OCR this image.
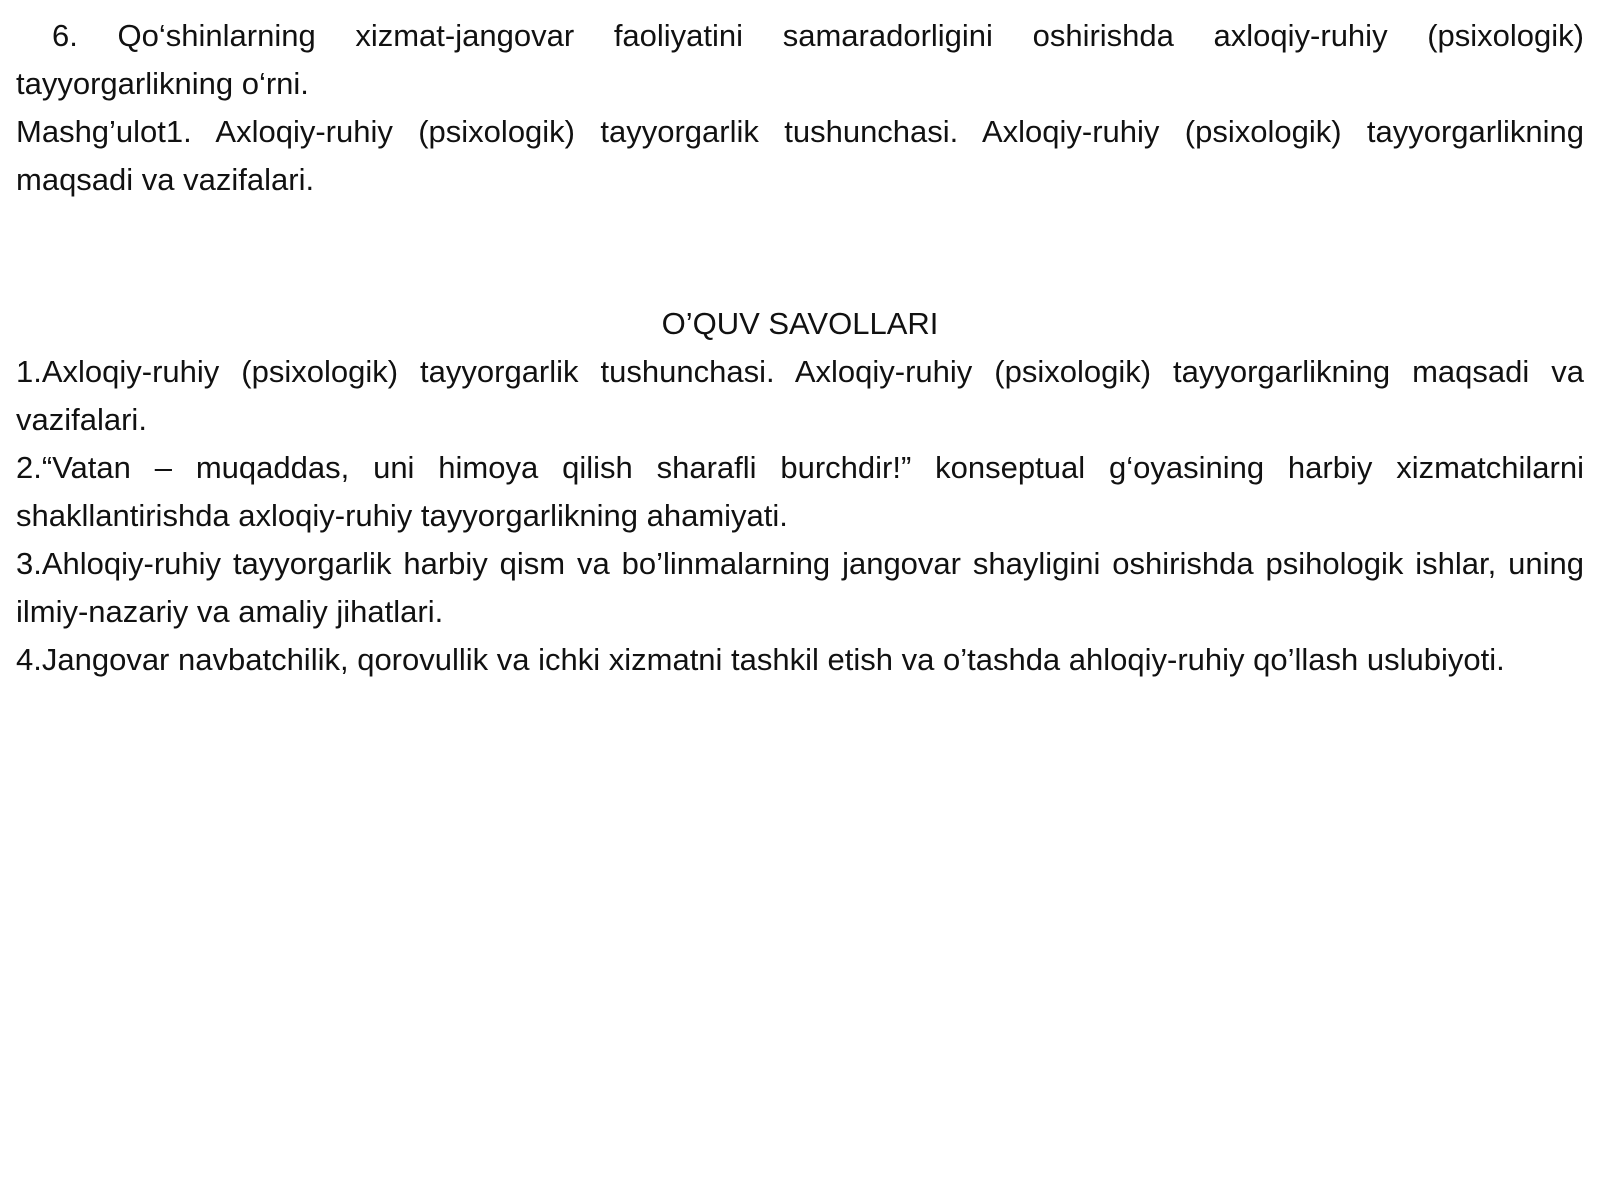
6. Qo‘shinlarning xizmat-jangovar faoliyatini samaradorligini oshirishda axloqiy-ruhiy (psixologik) tayyorgarlikning o‘rni.

Mashg’ulot1. Axloqiy-ruhiy (psixologik) tayyorgarlik tushunchasi. Axloqiy-ruhiy (psixologik) tayyorgarlikning maqsadi va vazifalari.

O’QUV SAVOLLARI

1.Axloqiy-ruhiy (psixologik) tayyorgarlik tushunchasi. Axloqiy-ruhiy (psixologik) tayyorgarlikning maqsadi va vazifalari.

2.“Vatan – muqaddas, uni himoya qilish sharafli burchdir!” konseptual g‘oyasining harbiy xizmatchilarni shakllantirishda axloqiy-ruhiy tayyorgarlikning ahamiyati.

3.Ahloqiy-ruhiy tayyorgarlik harbiy qism va bo’linmalarning jangovar shayligini oshirishda psihologik ishlar, uning ilmiy-nazariy va amaliy jihatlari.

4.Jangovar navbatchilik, qorovullik va ichki xizmatni tashkil etish va o’tashda ahloqiy-ruhiy qo’llash uslubiyoti.
